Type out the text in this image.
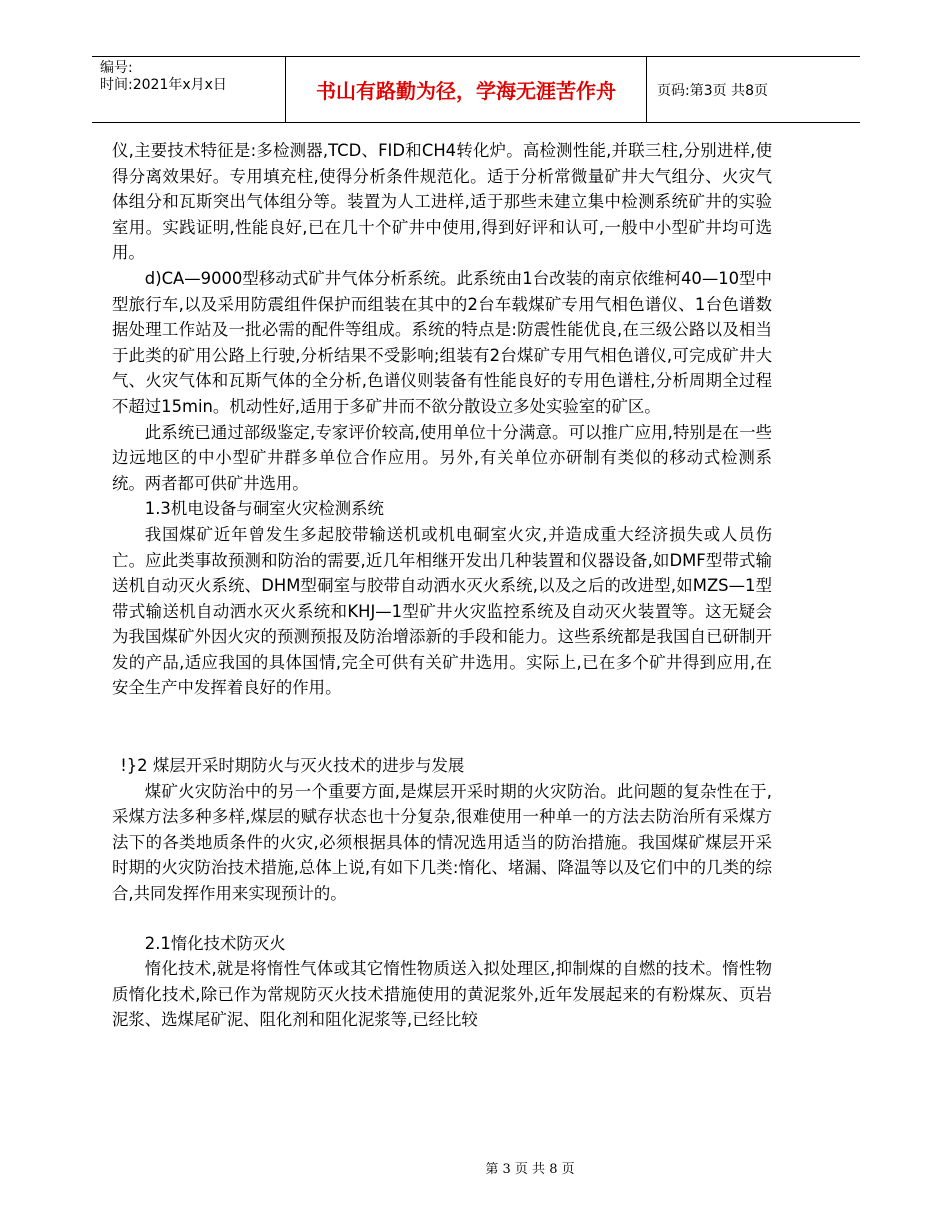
编号:
时间:2021年x月x日	书山有路勤为径，学海无涯苦作舟	页码:第3页 共8页

仪,主要技术特征是:多检测器,TCD、FID和CH4转化炉。高检测性能,并联三柱,分别进样,使得分离效果好。专用填充柱,使得分析条件规范化。适于分析常微量矿井大气组分、火灾气体组分和瓦斯突出气体组分等。装置为人工进样,适于那些未建立集中检测系统矿井的实验室用。实践证明,性能良好,已在几十个矿井中使用,得到好评和认可,一般中小型矿井均可选用。

d)CA—9000型移动式矿井气体分析系统。此系统由1台改装的南京依维柯40—10型中型旅行车,以及采用防震组件保护而组装在其中的2台车载煤矿专用气相色谱仪、1台色谱数据处理工作站及一批必需的配件等组成。系统的特点是:防震性能优良,在三级公路以及相当于此类的矿用公路上行驶,分析结果不受影响;组装有2台煤矿专用气相色谱仪,可完成矿井大气、火灾气体和瓦斯气体的全分析,色谱仪则装备有性能良好的专用色谱柱,分析周期全过程不超过15min。机动性好,适用于多矿井而不欲分散设立多处实验室的矿区。

此系统已通过部级鉴定,专家评价较高,使用单位十分满意。可以推广应用,特别是在一些边远地区的中小型矿井群多单位合作应用。另外,有关单位亦研制有类似的移动式检测系统。两者都可供矿井选用。

1.3机电设备与硐室火灾检测系统

我国煤矿近年曾发生多起胶带输送机或机电硐室火灾,并造成重大经济损失或人员伤亡。应此类事故预测和防治的需要,近几年相继开发出几种装置和仪器设备,如DMF型带式输送机自动灭火系统、DHM型硐室与胶带自动洒水灭火系统,以及之后的改进型,如MZS—1型带式输送机自动洒水灭火系统和KHJ—1型矿井火灾监控系统及自动灭火装置等。这无疑会为我国煤矿外因火灾的预测预报及防治增添新的手段和能力。这些系统都是我国自已研制开发的产品,适应我国的具体国情,完全可供有关矿井选用。实际上,已在多个矿井得到应用,在安全生产中发挥着良好的作用。

!}2 煤层开采时期防火与灭火技术的进步与发展

煤矿火灾防治中的另一个重要方面,是煤层开采时期的火灾防治。此问题的复杂性在于,采煤方法多种多样,煤层的赋存状态也十分复杂,很难使用一种单一的方法去防治所有采煤方法下的各类地质条件的火灾,必须根据具体的情况选用适当的防治措施。我国煤矿煤层开采时期的火灾防治技术措施,总体上说,有如下几类:惰化、堵漏、降温等以及它们中的几类的综合,共同发挥作用来实现预计的。

2.1惰化技术防灭火

惰化技术,就是将惰性气体或其它惰性物质送入拟处理区,抑制煤的自燃的技术。惰性物质惰化技术,除已作为常规防灭火技术措施使用的黄泥浆外,近年发展起来的有粉煤灰、页岩泥浆、选煤尾矿泥、阻化剂和阻化泥浆等,已经比较

第 3 页 共 8 页
